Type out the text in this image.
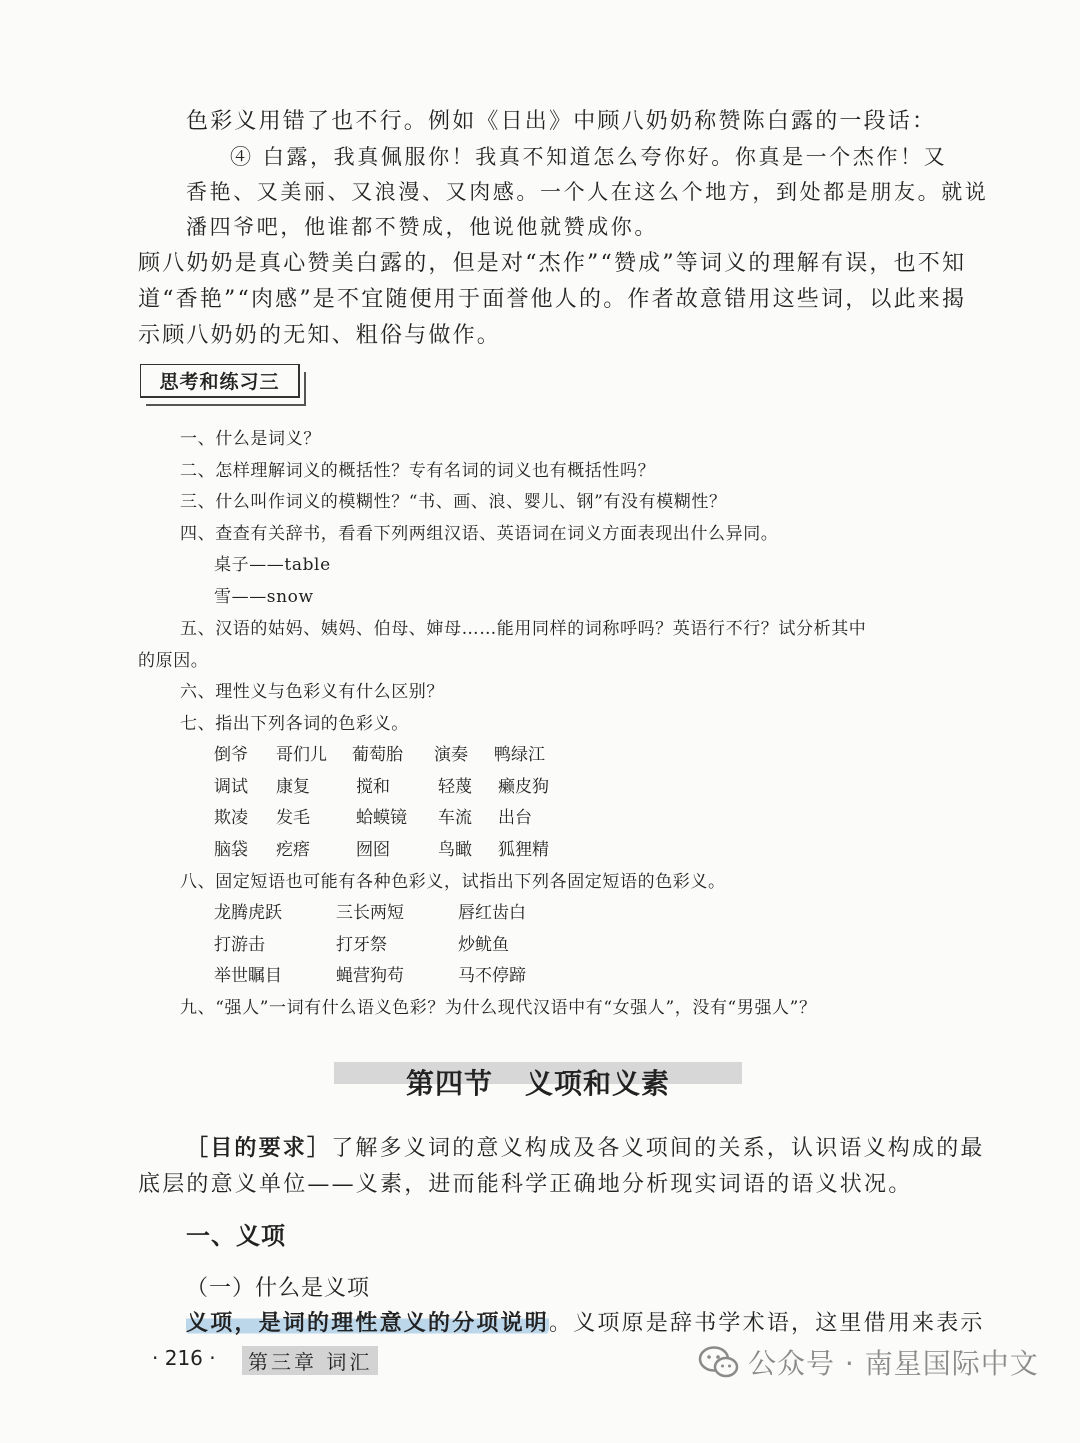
色彩义用错了也不行。例如《日出》中顾八奶奶称赞陈白露的一段话：
④ 白露，我真佩服你！我真不知道怎么夸你好。你真是一个杰作！又
香艳、又美丽、又浪漫、又肉感。一个人在这么个地方，到处都是朋友。就说
潘四爷吧，他谁都不赞成，他说他就赞成你。
顾八奶奶是真心赞美白露的，但是对“杰作”“赞成”等词义的理解有误，也不知
道“香艳”“肉感”是不宜随便用于面誉他人的。作者故意错用这些词，以此来揭
示顾八奶奶的无知、粗俗与做作。
思考和练习三
一、什么是词义？
二、怎样理解词义的概括性？专有名词的词义也有概括性吗？
三、什么叫作词义的模糊性？“书、画、浪、婴儿、钢”有没有模糊性？
四、查查有关辞书，看看下列两组汉语、英语词在词义方面表现出什么异同。
桌子——table
雪——snow
五、汉语的姑妈、姨妈、伯母、婶母……能用同样的词称呼吗？英语行不行？试分析其中
的原因。
六、理性义与色彩义有什么区别？
七、指出下列各词的色彩义。
倒爷 哥们儿 葡萄胎 演奏 鸭绿江
调试 康复	搅和	轻蔑 癞皮狗
欺凌 发毛	蛤蟆镜 车流 出台
脑袋 疙瘩	囫囵	鸟瞰 狐狸精
八、固定短语也可能有各种色彩义，试指出下列各固定短语的色彩义。
龙腾虎跃	三长两短	唇红齿白
打游击	打牙祭	炒鱿鱼
举世瞩目	蝇营狗苟	马不停蹄
九、“强人”一词有什么语义色彩？为什么现代汉语中有“女强人”，没有“男强人”？
第四节 义项和义素
［目的要求］了解多义词的意义构成及各义项间的关系，认识语义构成的最
底层的意义单位——义素，进而能科学正确地分析现实词语的语义状况。
一、义项
（一）什么是义项
义项，是词的理性意义的分项说明。义项原是辞书学术语，这里借用来表示
· 216 ·	第三章 词汇	公众号 · 南星国际中文
